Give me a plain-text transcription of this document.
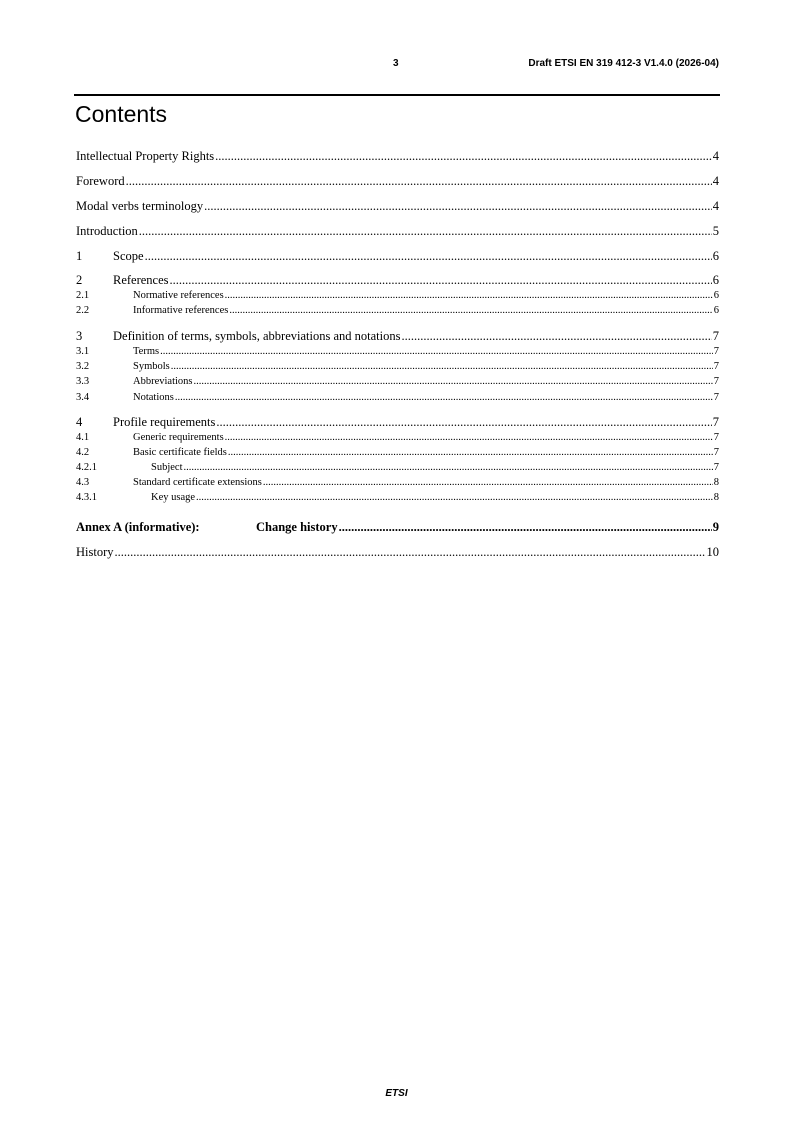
3	Draft ETSI EN 319 412-3 V1.4.0 (2026-04)
Contents
Intellectual Property Rights .....	4
Foreword .....	4
Modal verbs terminology .....	4
Introduction .....	5
1	Scope .....	6
2	References .....	6
2.1	Normative references .....	6
2.2	Informative references .....	6
3	Definition of terms, symbols, abbreviations and notations .....	7
3.1	Terms .....	7
3.2	Symbols .....	7
3.3	Abbreviations .....	7
3.4	Notations .....	7
4	Profile requirements .....	7
4.1	Generic requirements .....	7
4.2	Basic certificate fields .....	7
4.2.1	Subject .....	7
4.3	Standard certificate extensions .....	8
4.3.1	Key usage .....	8
Annex A (informative):	Change history .....	9
History .....	10
ETSI
